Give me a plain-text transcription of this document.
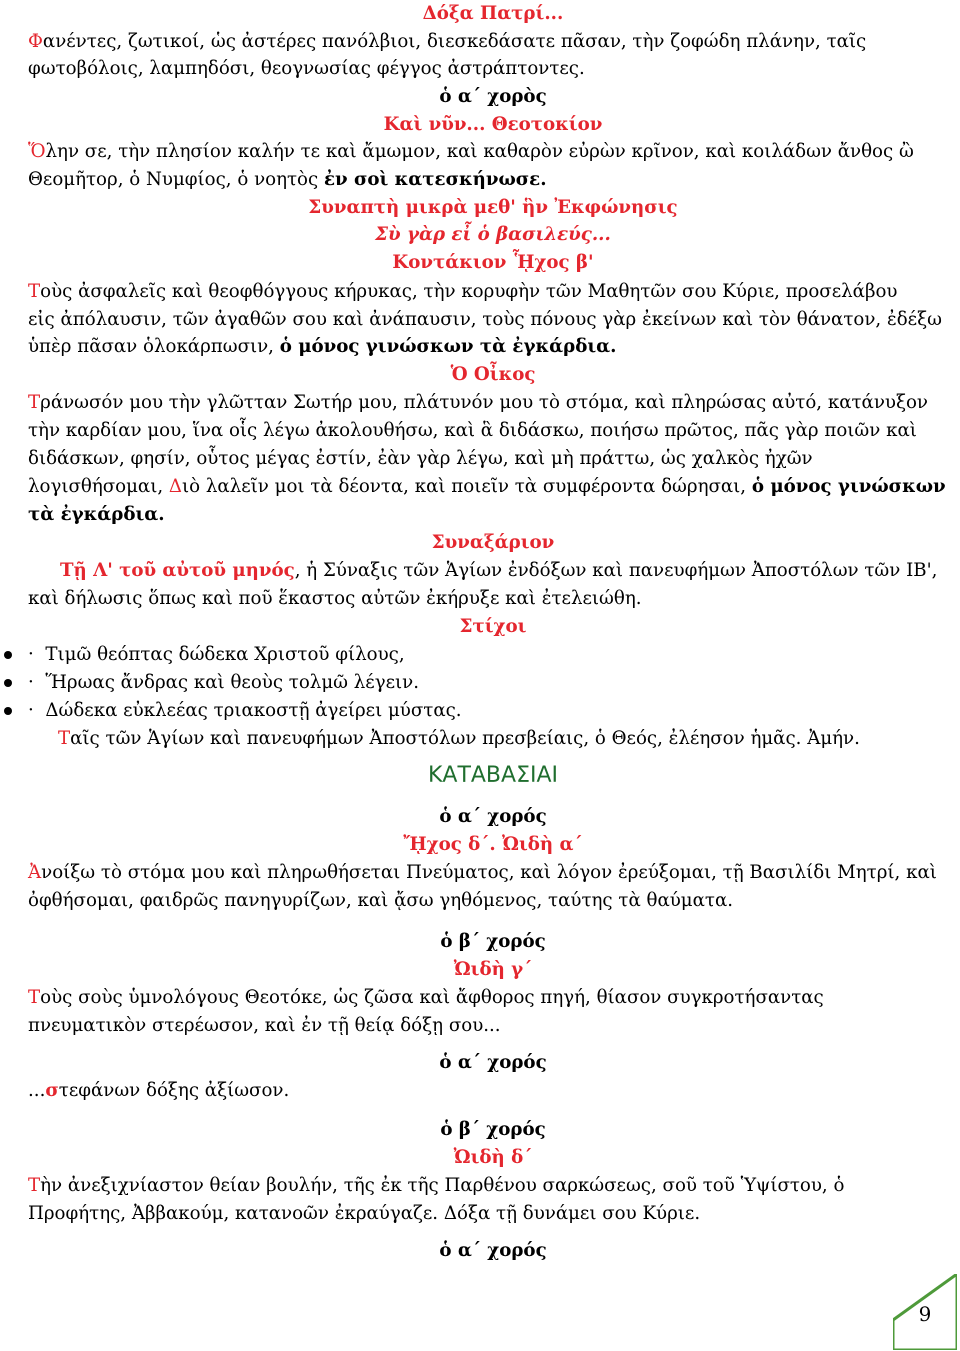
Δόξα Πατρί...
Φανέντες, ζωτικοί, ὡς ἀστέρες πανόλβιοι, διεσκεδάσατε πᾶσαν, τὴν ζοφώδη πλάνην, ταῖς
φωτοβόλοις, λαμπηδόσι, θεογνωσίας φέγγος ἀστράπτοντες.
ὁ α΄ χορὸς
Καὶ νῦν... Θεοτοκίον
Ὅλην σε, τὴν πλησίον καλήν τε καὶ ἄμωμον, καὶ καθαρὸν εὐρὼν κρῖνον, καὶ κοιλάδων ἄνθος ὢ
Θεομῆτορ, ὁ Νυμφίος, ὁ νοητὸς ἐν σοὶ κατεσκήνωσε.
Συναπτὴ μικρὰ μεθ' ἣν Ἐκφώνησις
Σὺ γὰρ εἶ ὁ βασιλεύς...
Κοντάκιον ᾟχος β'
Τοὺς ἀσφαλεῖς καὶ θεοφθόγγους κήρυκας, τὴν κορυφὴν τῶν Μαθητῶν σου Κύριε, προσελάβου
εἰς ἀπόλαυσιν, τῶν ἀγαθῶν σου καὶ ἀνάπαυσιν, τοὺς πόνους γὰρ ἐκείνων καὶ τὸν θάνατον, ἐδέξω
ὑπὲρ πᾶσαν ὁλοκάρπωσιν, ὁ μόνος γινώσκων τὰ ἐγκάρδια.
Ὁ Οἶκος
Τράνωσόν μου τὴν γλῶτταν Σωτήρ μου, πλάτυνόν μου τὸ στόμα, καὶ πληρώσας αὐτό, κατάνυξον
τὴν καρδίαν μου, ἵνα οἷς λέγω ἀκολουθήσω, καὶ ἃ διδάσκω, ποιήσω πρῶτος, πᾶς γὰρ ποιῶν καὶ
διδάσκων, φησίν, οὗτος μέγας ἐστίν, ἐὰν γὰρ λέγω, καὶ μὴ πράττω, ὡς χαλκὸς ἠχῶν
λογισθήσομαι, Διὸ λαλεῖν μοι τὰ δέοντα, καὶ ποιεῖν τὰ συμφέροντα δώρησαι, ὁ μόνος γινώσκων
τὰ ἐγκάρδια.
Συναξάριον
Τῇ Λ' τοῦ αὐτοῦ μηνός, ἡ Σύναξις τῶν Ἁγίων ἐνδόξων καὶ πανευφήμων Ἀποστόλων τῶν ΙΒ',
καὶ δήλωσις ὅπως καὶ ποῦ ἕκαστος αὐτῶν ἐκήρυξε καὶ ἐτελειώθη.
Στίχοι
· Τιμῶ θεόπτας δώδεκα Χριστοῦ φίλους,
· Ἥρωας ἄνδρας καὶ θεοὺς τολμῶ λέγειν.
· Δώδεκα εὐκλεέας τριακοστῇ ἀγείρει μύστας.
Ταῖς τῶν Ἁγίων καὶ πανευφήμων Ἀποστόλων πρεσβείαις, ὁ Θεός, ἐλέησον ἡμᾶς. Ἀμήν.
ΚΑΤΑΒΑΣΙΑΙ
ὁ α΄ χορός
ᾜχος δ΄. Ὠιδὴ α΄
Ἀνοίξω τὸ στόμα μου καὶ πληρωθήσεται Πνεύματος, καὶ λόγον ἐρεύξομαι, τῇ Βασιλίδι Μητρί, καὶ
ὀφθήσομαι, φαιδρῶς πανηγυρίζων, καὶ ᾄσω γηθόμενος, ταύτης τὰ θαύματα.
ὁ β΄ χορός
Ὠιδὴ γ΄
Τοὺς σοὺς ὑμνολόγους Θεοτόκε, ὡς ζῶσα καὶ ἄφθορος πηγή, θίασον συγκροτήσαντας
πνευματικὸν στερέωσον, καὶ ἐν τῇ θείᾳ δόξῃ σου...
ὁ α΄ χορός
...στεφάνων δόξης ἀξίωσον.
ὁ β΄ χορός
Ὠιδὴ δ΄
Τὴν ἀνεξιχνίαστον θείαν βουλήν, τῆς ἐκ τῆς Παρθένου σαρκώσεως, σοῦ τοῦ Ὑψίστου, ὁ
Προφήτης, Ἀββακούμ, κατανοῶν ἐκραύγαζε. Δόξα τῇ δυνάμει σου Κύριε.
ὁ α΄ χορός
9
